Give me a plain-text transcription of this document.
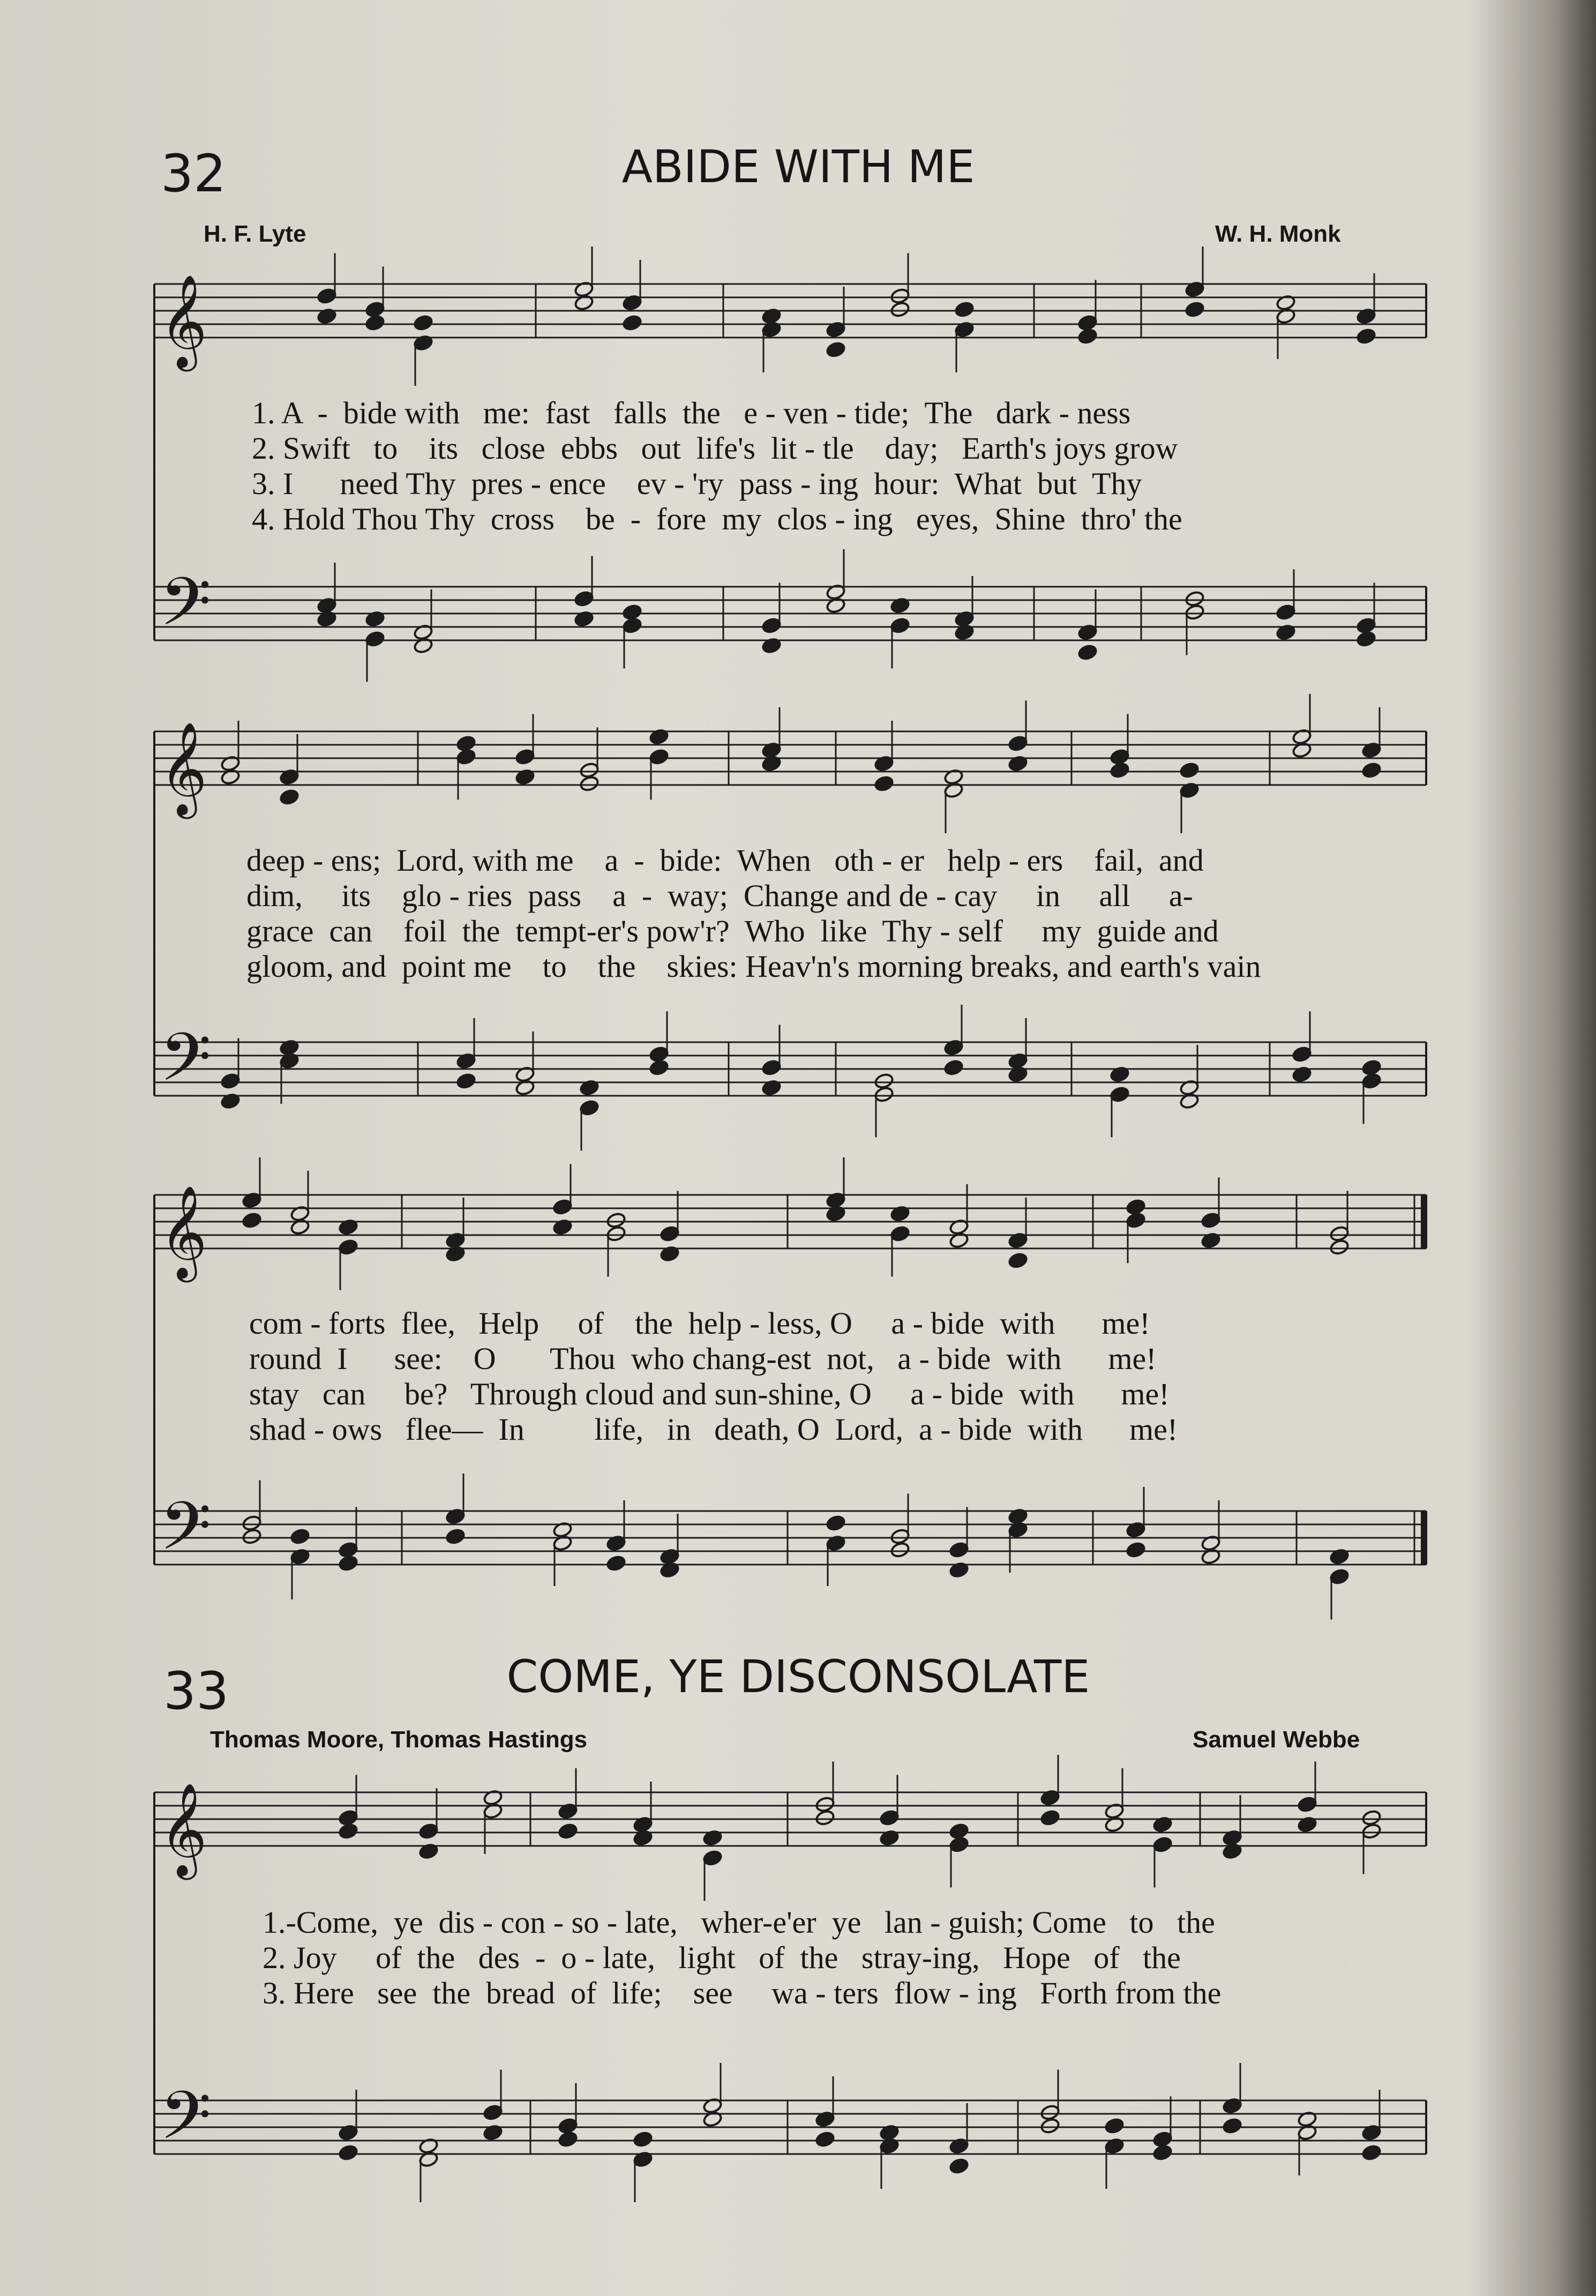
32	ABIDE WITH ME
H. F. Lyte	W. H. Monk
𝄞
𝄢
𝄞
𝄢
𝄞
𝄢
𝄞
𝄢
1. A  -  bide with   me:  fast   falls  the   e - ven - tide;  The   dark - ness
2. Swift   to    its   close  ebbs   out  life's  lit - tle    day;   Earth's joys grow
3. I      need Thy  pres - ence    ev - 'ry  pass - ing  hour:  What  but  Thy
4. Hold Thou Thy  cross    be  -  fore  my  clos - ing   eyes,  Shine  thro' the
deep - ens;  Lord, with me    a  -  bide:  When   oth - er   help - ers    fail,  and
dim,     its    glo - ries  pass    a  -  way;  Change and de - cay     in     all     a-
grace  can    foil  the  tempt-er's pow'r?  Who  like  Thy - self     my  guide and
gloom, and  point me    to    the    skies: Heav'n's morning breaks, and earth's vain
com - forts  flee,   Help     of    the  help - less, O     a - bide  with      me!
round  I      see:    O       Thou  who chang-est  not,   a - bide  with      me!
stay   can     be?   Through cloud and sun-shine, O     a - bide  with      me!
shad - ows   flee—  In         life,   in   death, O  Lord,  a - bide  with      me!
33	COME, YE DISCONSOLATE
Thomas Moore, Thomas Hastings	Samuel Webbe
1.-Come,  ye  dis - con - so - late,   wher-e'er  ye   lan - guish; Come   to   the
2. Joy     of  the   des  -  o - late,   light   of  the   stray-ing,   Hope   of   the
3. Here   see  the  bread  of  life;    see     wa - ters  flow - ing   Forth from the
